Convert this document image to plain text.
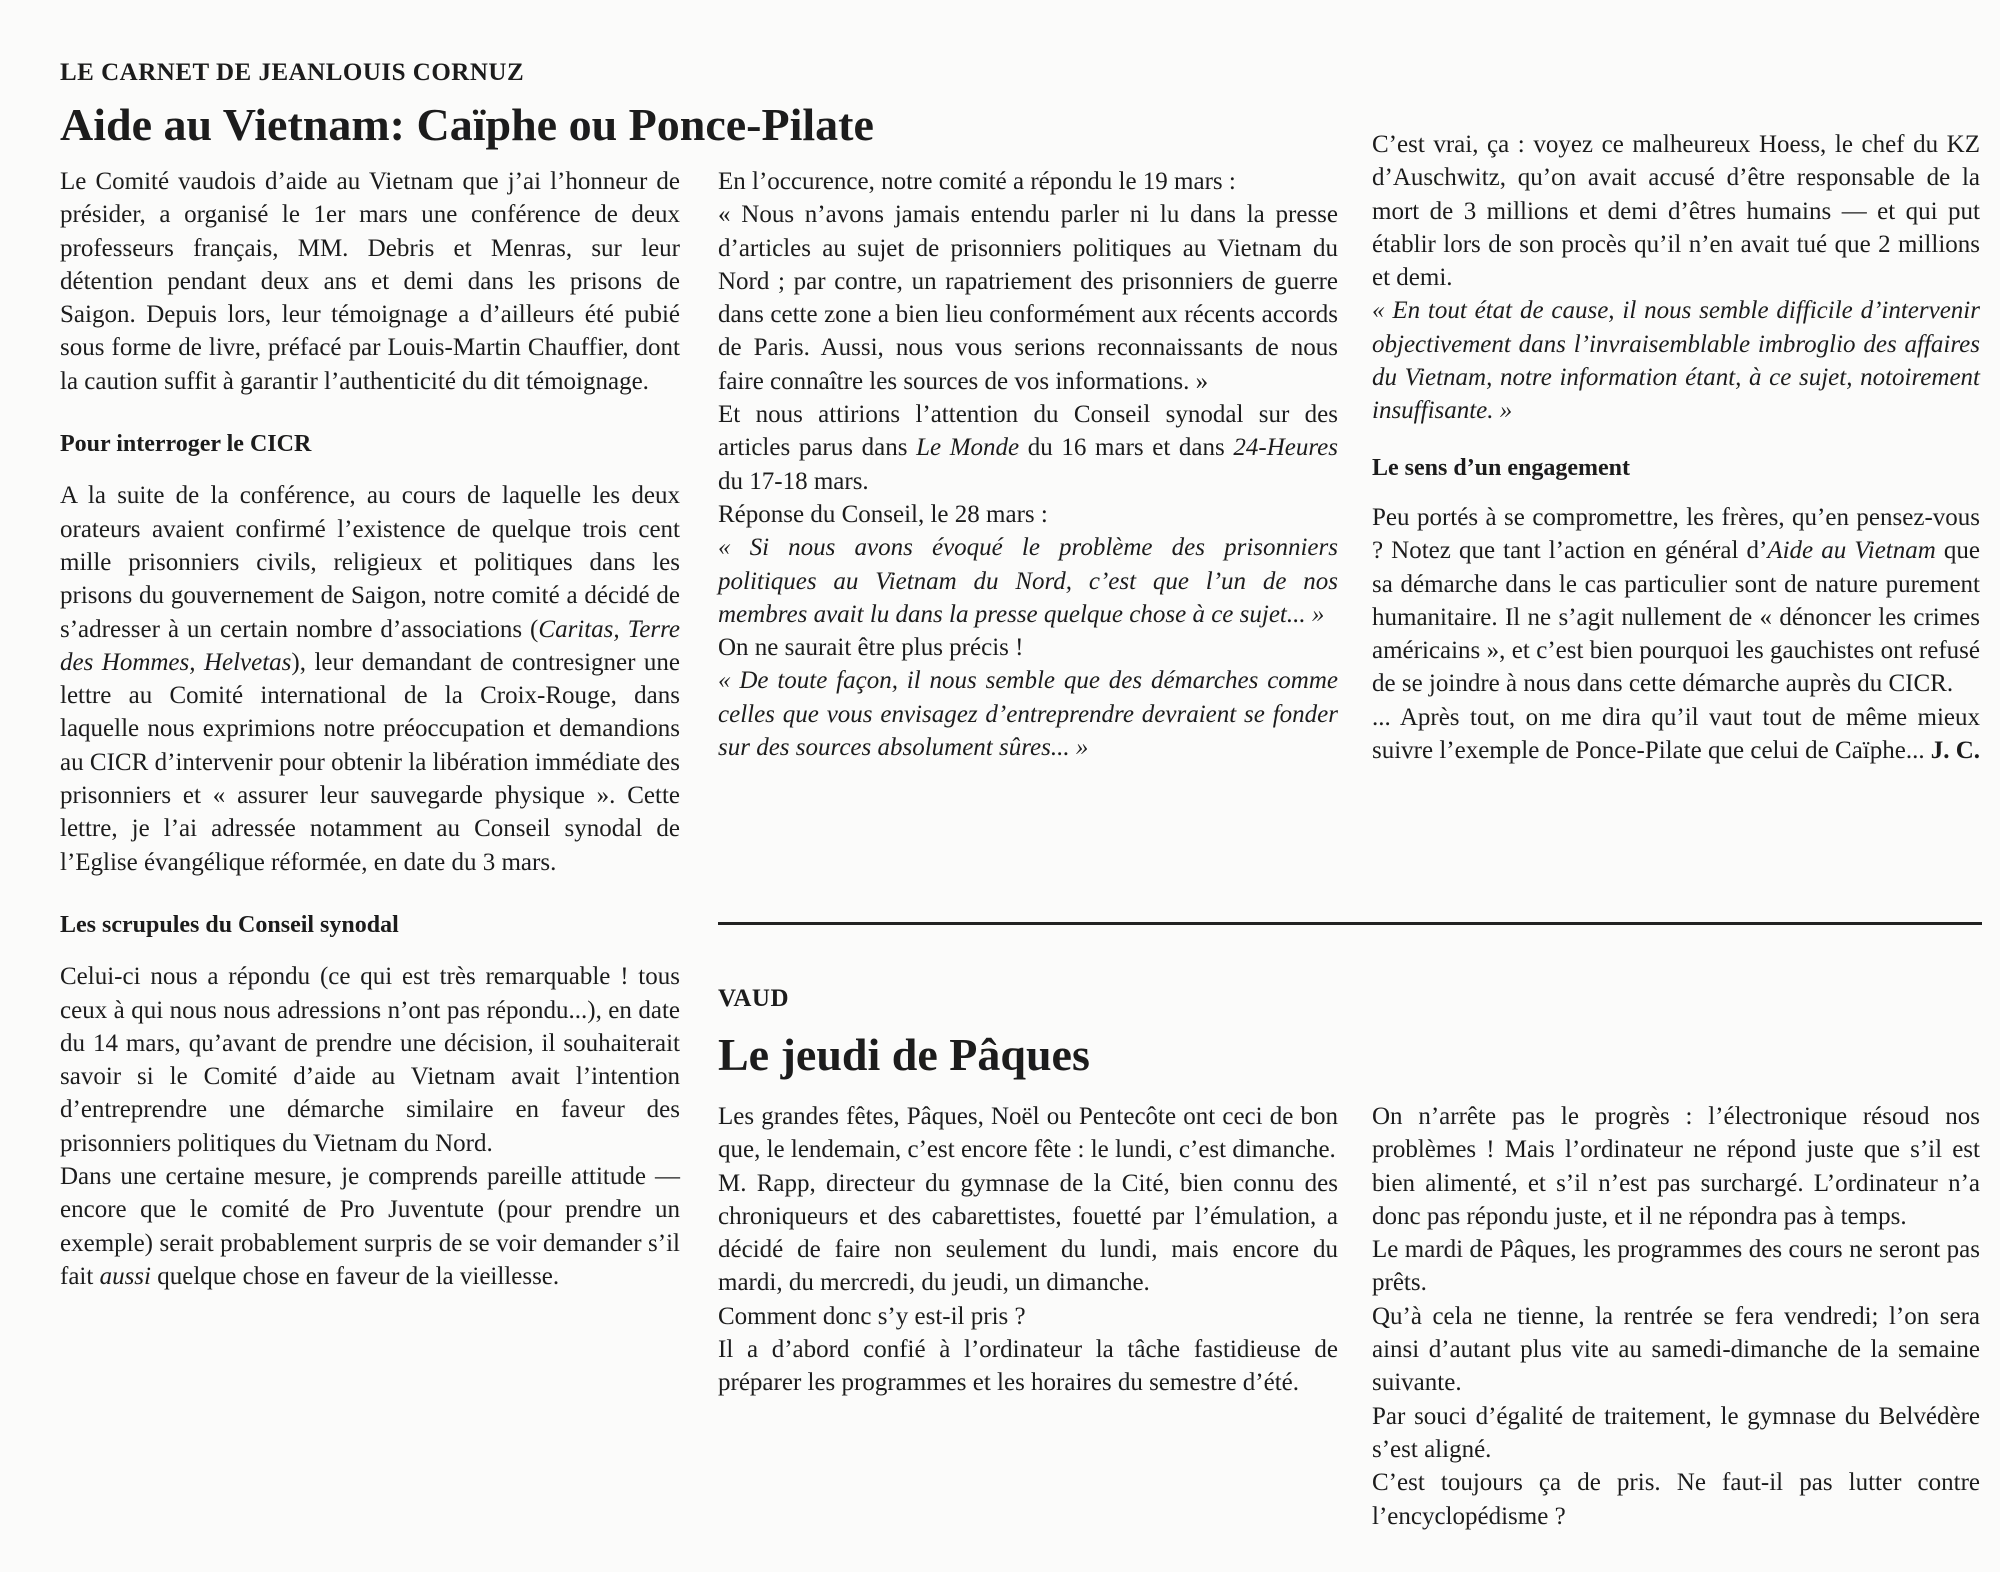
LE CARNET DE JEANLOUIS CORNUZ

Aide au Vietnam: Caïphe ou Ponce-Pilate

Le Comité vaudois d’aide au Vietnam que j’ai l’honneur de présider, a organisé le 1er mars une conférence de deux professeurs français, MM. Debris et Menras, sur leur détention pendant deux ans et demi dans les prisons de Saigon. Depuis lors, leur témoignage a d’ailleurs été pubié sous forme de livre, préfacé par Louis-Martin Chauffier, dont la caution suffit à garantir l’authenticité du dit témoignage.

Pour interroger le CICR

A la suite de la conférence, au cours de laquelle les deux orateurs avaient confirmé l’existence de quelque trois cent mille prisonniers civils, religieux et politiques dans les prisons du gouvernement de Saigon, notre comité a décidé de s’adresser à un certain nombre d’associations (Caritas, Terre des Hommes, Helvetas), leur demandant de contresigner une lettre au Comité international de la Croix-Rouge, dans laquelle nous exprimions notre préoccupation et demandions au CICR d’intervenir pour obtenir la libération immédiate des prisonniers et « assurer leur sauvegarde physique ». Cette lettre, je l’ai adressée notamment au Conseil synodal de l’Eglise évangélique réformée, en date du 3 mars.

Les scrupules du Conseil synodal

Celui-ci nous a répondu (ce qui est très remarquable ! tous ceux à qui nous nous adressions n’ont pas répondu...), en date du 14 mars, qu’avant de prendre une décision, il souhaiterait savoir si le Comité d’aide au Vietnam avait l’intention d’entreprendre une démarche similaire en faveur des prisonniers politiques du Vietnam du Nord.

Dans une certaine mesure, je comprends pareille attitude — encore que le comité de Pro Juventute (pour prendre un exemple) serait probablement surpris de se voir demander s’il fait aussi quelque chose en faveur de la vieillesse.

En l’occurence, notre comité a répondu le 19 mars :

« Nous n’avons jamais entendu parler ni lu dans la presse d’articles au sujet de prisonniers politiques au Vietnam du Nord ; par contre, un rapatriement des prisonniers de guerre dans cette zone a bien lieu conformément aux récents accords de Paris. Aussi, nous vous serions reconnaissants de nous faire connaître les sources de vos informations. »

Et nous attirions l’attention du Conseil synodal sur des articles parus dans Le Monde du 16 mars et dans 24-Heures du 17-18 mars.

Réponse du Conseil, le 28 mars :

« Si nous avons évoqué le problème des prisonniers politiques au Vietnam du Nord, c’est que l’un de nos membres avait lu dans la presse quelque chose à ce sujet... »

On ne saurait être plus précis !

« De toute façon, il nous semble que des démarches comme celles que vous envisagez d’entreprendre devraient se fonder sur des sources absolument sûres... »

C’est vrai, ça : voyez ce malheureux Hoess, le chef du KZ d’Auschwitz, qu’on avait accusé d’être responsable de la mort de 3 millions et demi d’êtres humains — et qui put établir lors de son procès qu’il n’en avait tué que 2 millions et demi.

« En tout état de cause, il nous semble difficile d’intervenir objectivement dans l’invraisemblable imbroglio des affaires du Vietnam, notre information étant, à ce sujet, notoirement insuffisante. »

Le sens d’un engagement

Peu portés à se compromettre, les frères, qu’en pensez-vous ? Notez que tant l’action en général d’Aide au Vietnam que sa démarche dans le cas particulier sont de nature purement humanitaire. Il ne s’agit nullement de « dénoncer les crimes américains », et c’est bien pourquoi les gauchistes ont refusé de se joindre à nous dans cette démarche auprès du CICR.

... Après tout, on me dira qu’il vaut tout de même mieux suivre l’exemple de Ponce-Pilate que celui de Caïphe... J. C.

VAUD

Le jeudi de Pâques

Les grandes fêtes, Pâques, Noël ou Pentecôte ont ceci de bon que, le lendemain, c’est encore fête : le lundi, c’est dimanche.

M. Rapp, directeur du gymnase de la Cité, bien connu des chroniqueurs et des cabarettistes, fouetté par l’émulation, a décidé de faire non seulement du lundi, mais encore du mardi, du mercredi, du jeudi, un dimanche.

Comment donc s’y est-il pris ?

Il a d’abord confié à l’ordinateur la tâche fastidieuse de préparer les programmes et les horaires du semestre d’été.

On n’arrête pas le progrès : l’électronique résoud nos problèmes ! Mais l’ordinateur ne répond juste que s’il est bien alimenté, et s’il n’est pas surchargé. L’ordinateur n’a donc pas répondu juste, et il ne répondra pas à temps.

Le mardi de Pâques, les programmes des cours ne seront pas prêts.

Qu’à cela ne tienne, la rentrée se fera vendredi; l’on sera ainsi d’autant plus vite au samedi-dimanche de la semaine suivante.

Par souci d’égalité de traitement, le gymnase du Belvédère s’est aligné.

C’est toujours ça de pris. Ne faut-il pas lutter contre l’encyclopédisme ?
